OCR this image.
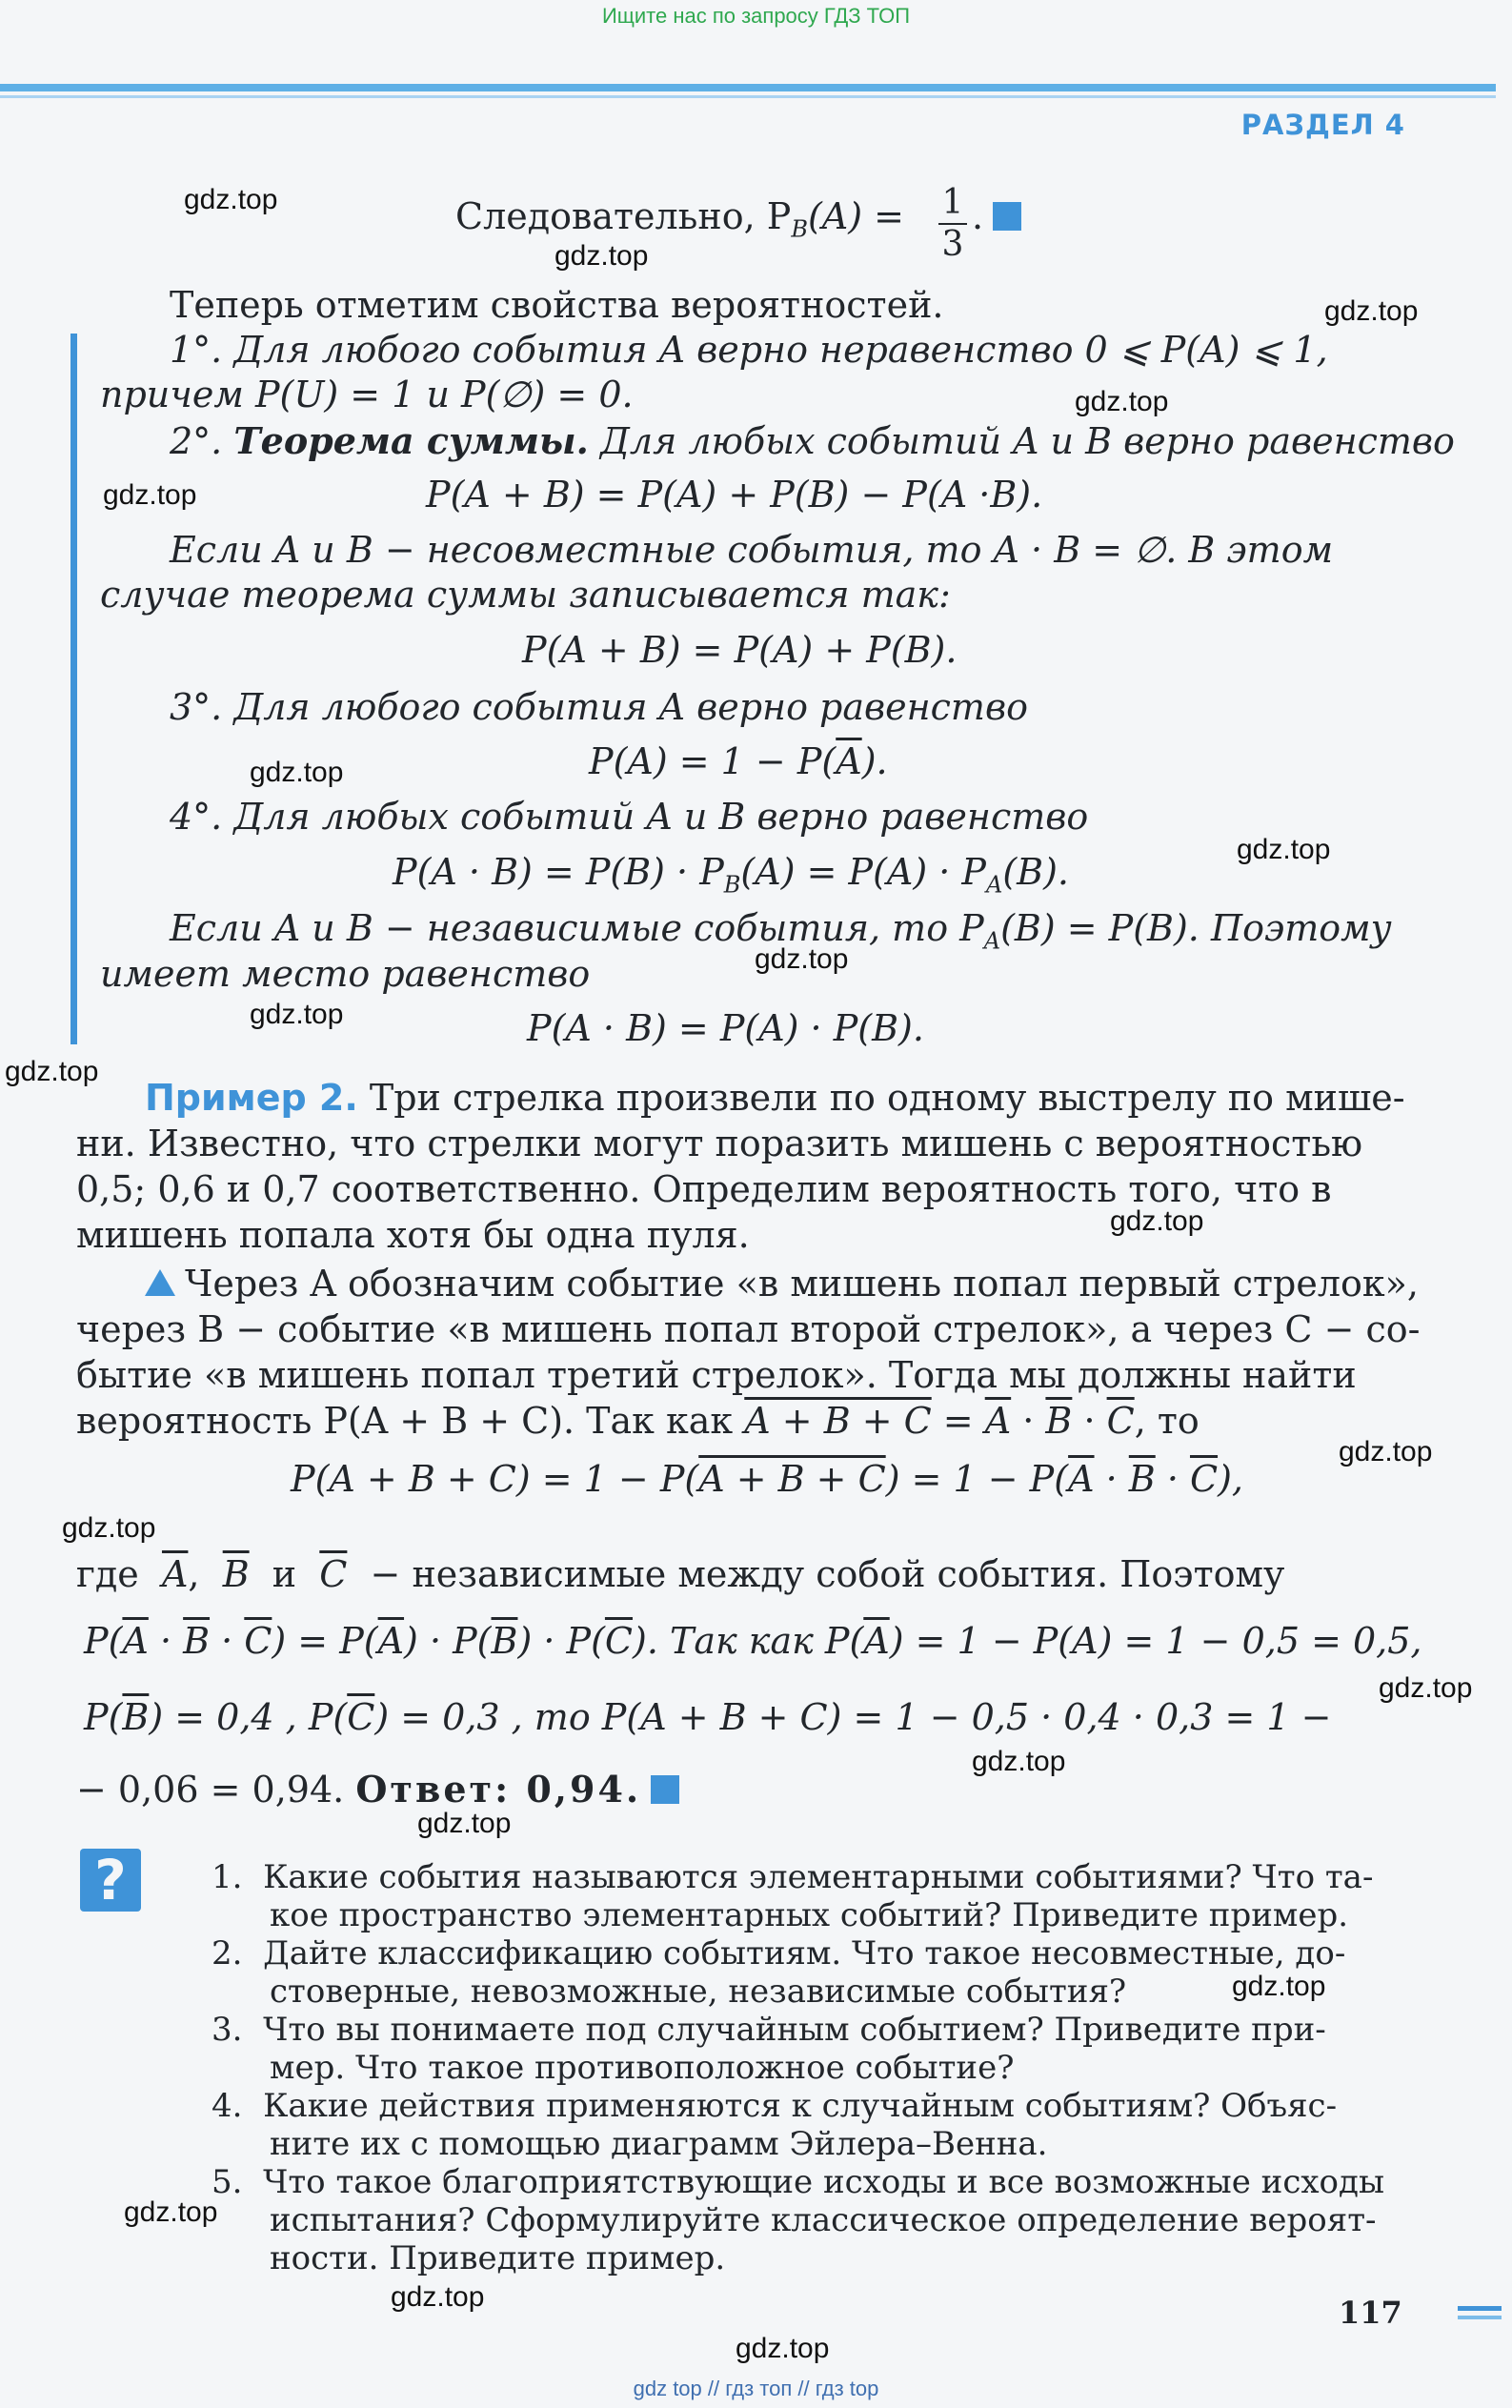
Ищите нас по запросу ГДЗ ТОП
РАЗДЕЛ 4
gdz.top
gdz.top
gdz.top
gdz.top
gdz.top
gdz.top
gdz.top
gdz.top
gdz.top
gdz.top
gdz.top
gdz.top
gdz.top
gdz.top
gdz.top
gdz.top
gdz.top
gdz.top
gdz.top
gdz.top
Следовательно, $P_B(A) = 1$
3
.
Теперь отметим свойства вероятностей.
1°. Для любого события A верно неравенство 0 ⩽ P(A) ⩽ 1,
причем P(U) = 1 и P(∅) = 0.
2°. Теорема суммы. Для любых событий A и B верно равенство
P(A + B) = P(A) + P(B) − P(A ·B).
Если A и B − несовместные события, то A · B = ∅. В этом
случае теорема суммы записывается так:
P(A + B) = P(A) + P(B).
3°. Для любого события A верно равенство
$P(A) = 1 - P(\overline{A})$.
4°. Для любых событий A и B верно равенство
$P(A \cdot B) = P(B) \cdot P_B(A) = P(A) \cdot P_A(B)$.
Если A и B − независимые события, то $P_A(B) = P(B)$. Поэтому
имеет место равенство
P(A · B) = P(A) · P(B).
Пример 2. Три стрелка произвели по одному выстрелу по мише-
ни. Известно, что стрелки могут поразить мишень с вероятностью
0,5; 0,6 и 0,7 соответственно. Определим вероятность того, что в
мишень попала хотя бы одна пуля.
Через A обозначим событие «в мишень попал первый стрелок»,
через B − событие «в мишень попал второй стрелок», а через C − со-
бытие «в мишень попал третий стрелок». Тогда мы должны найти
вероятность P(A + B + C). Так как $A + B + C = \overline{A} \cdot \overline{B} \cdot \overline{C}$, то
$P(A + B + C) = 1 - P(A + B + C) = 1 - P(\overline{A} \cdot \overline{B} \cdot \overline{C})$,
где $\overline{A}$, $\overline{B}$ и $\overline{C}$ − независимые между собой события. Поэтому
$P(\overline{A} \cdot \overline{B} \cdot \overline{C}) = P(\overline{A}) \cdot P(\overline{B}) \cdot P(\overline{C})$. Так как $P(\overline{A}) = 1 - P(A) = 1 - 0,5 = 0,5$,
$P(\overline{B}) = 0,4$ , $P(\overline{C}) = 0,3$ , то P(A + B + C) = 1 − 0,5 · 0,4 · 0,3 = 1 −
− 0,06 = 0,94. Ответ: 0,94.
?	1. Какие события называются элементарными событиями? Что та-
кое пространство элементарных событий? Приведите пример.
2. Дайте классификацию событиям. Что такое несовместные, до-
стоверные, невозможные, независимые события?
3. Что вы понимаете под случайным событием? Приведите при-
мер. Что такое противоположное событие?
4. Какие действия применяются к случайным событиям? Объяс-
ните их с помощью диаграмм Эйлера–Венна.
5. Что такое благоприятствующие исходы и все возможные исходы
испытания? Сформулируйте классическое определение вероят-
ности. Приведите пример.
117
gdz top // гдз топ // гдз top
